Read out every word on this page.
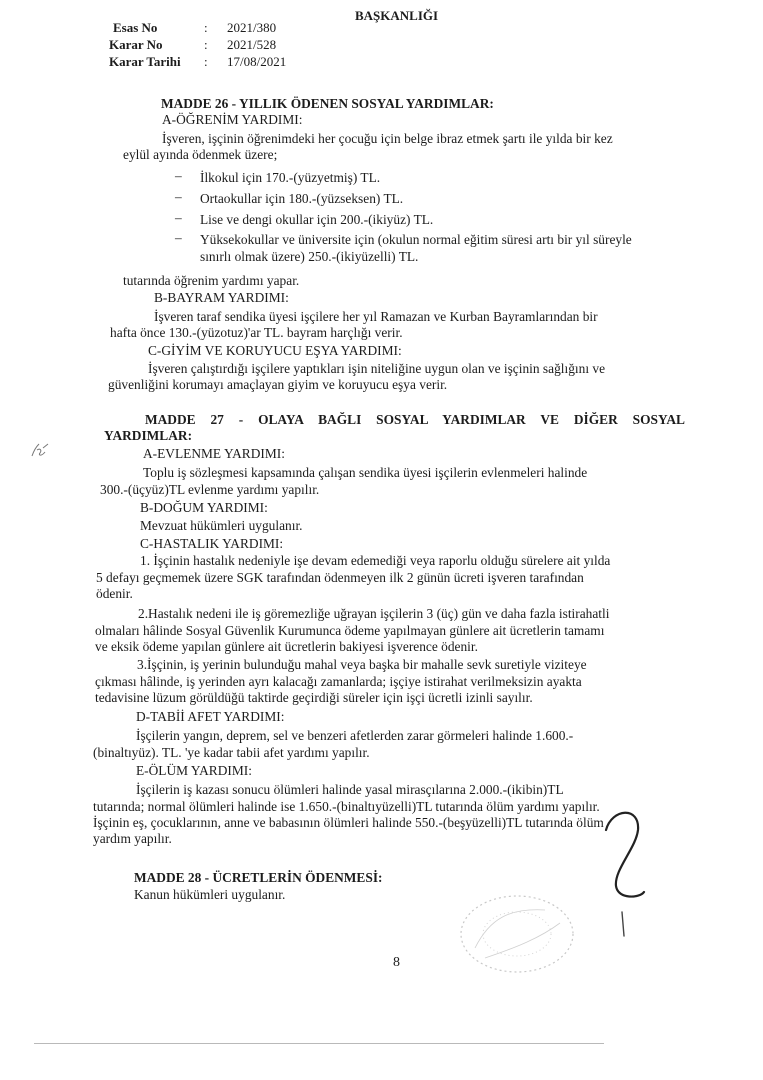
BAŞKANLIĞI
Esas No	: 2021/380
Karar No	: 2021/528
Karar Tarihi : 17/08/2021
MADDE 26 - YILLIK ÖDENEN SOSYAL YARDIMLAR:
A-ÖĞRENİM YARDIMI:
İşveren, işçinin öğrenimdeki her çocuğu için belge ibraz etmek şartı ile yılda bir kez
eylül ayında ödenmek üzere;
– İlkokul için 170.-(yüzyetmiş) TL.
– Ortaokullar için 180.-(yüzseksen) TL.
– Lise ve dengi okullar için 200.-(ikiyüz) TL.
– Yüksekokullar ve üniversite için (okulun normal eğitim süresi artı bir yıl süreyle
sınırlı olmak üzere) 250.-(ikiyüzelli) TL.
tutarında öğrenim yardımı yapar.
B-BAYRAM YARDIMI:
İşveren taraf sendika üyesi işçilere her yıl Ramazan ve Kurban Bayramlarından bir
hafta önce 130.-(yüzotuz)'ar TL. bayram harçlığı verir.
C-GİYİM VE KORUYUCU EŞYA YARDIMI:
İşveren çalıştırdığı işçilere yaptıkları işin niteliğine uygun olan ve işçinin sağlığını ve
güvenliğini korumayı amaçlayan giyim ve koruyucu eşya verir.
MADDE 27 - OLAYA BAĞLI SOSYAL YARDIMLAR VE DİĞER SOSYAL
YARDIMLAR:
A-EVLENME YARDIMI:
Toplu iş sözleşmesi kapsamında çalışan sendika üyesi işçilerin evlenmeleri halinde
300.-(üçyüz)TL evlenme yardımı yapılır.
B-DOĞUM YARDIMI:
Mevzuat hükümleri uygulanır.
C-HASTALIK YARDIMI:
1. İşçinin hastalık nedeniyle işe devam edemediği veya raporlu olduğu sürelere ait yılda
5 defayı geçmemek üzere SGK tarafından ödenmeyen ilk 2 günün ücreti işveren tarafından
ödenir.
2.Hastalık nedeni ile iş göremezliğe uğrayan işçilerin 3 (üç) gün ve daha fazla istirahatli
olmaları hâlinde Sosyal Güvenlik Kurumunca ödeme yapılmayan günlere ait ücretlerin tamamı
ve eksik ödeme yapılan günlere ait ücretlerin bakiyesi işverence ödenir.
3.İşçinin, iş yerinin bulunduğu mahal veya başka bir mahalle sevk suretiyle viziteye
çıkması hâlinde, iş yerinden ayrı kalacağı zamanlarda; işçiye istirahat verilmeksizin ayakta
tedavisine lüzum görüldüğü taktirde geçirdiği süreler için işçi ücretli izinli sayılır.
D-TABİİ AFET YARDIMI:
İşçilerin yangın, deprem, sel ve benzeri afetlerden zarar görmeleri halinde 1.600.-
(binaltıyüz). TL. 'ye kadar tabii afet yardımı yapılır.
E-ÖLÜM YARDIMI:
İşçilerin iş kazası sonucu ölümleri halinde yasal mirasçılarına 2.000.-(ikibin)TL
tutarında; normal ölümleri halinde ise 1.650.-(binaltıyüzelli)TL tutarında ölüm yardımı yapılır.
İşçinin eş, çocuklarının, anne ve babasının ölümleri halinde 550.-(beşyüzelli)TL tutarında ölüm
yardım yapılır.
MADDE 28 - ÜCRETLERİN ÖDENMESİ:
Kanun hükümleri uygulanır.
8
